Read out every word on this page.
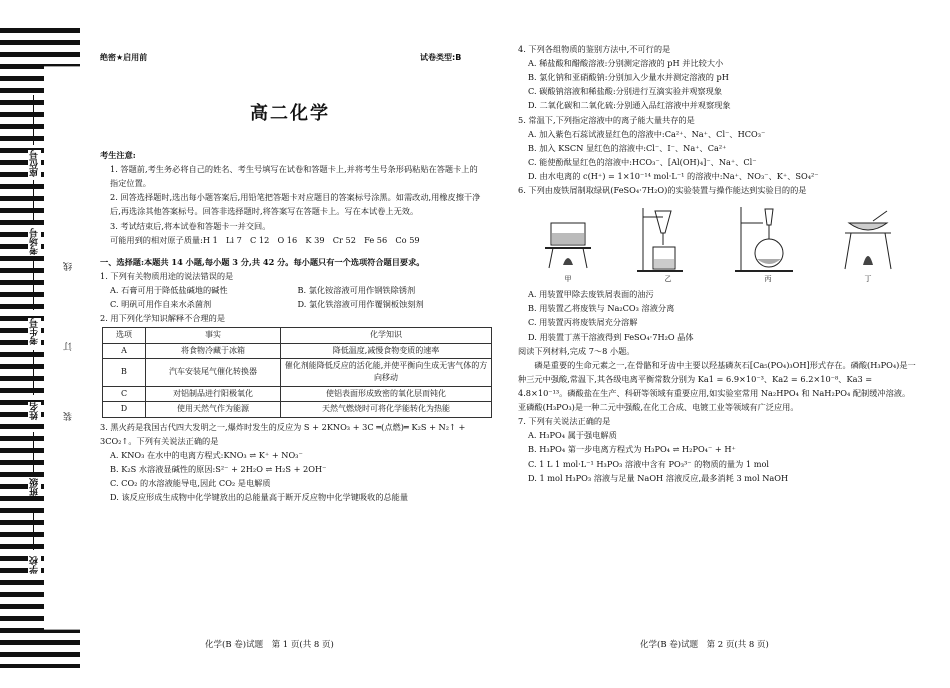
座位号
考场号
考生号
姓名
班级
学校
线
订
装
绝密★启用前	试卷类型:B
高二化学

考生注意:

1. 答题前,考生务必将自己的姓名、考生号填写在试卷和答题卡上,并将考生号条形码粘贴在答题卡上的指定位置。

2. 回答选择题时,选出每小题答案后,用铅笔把答题卡对应题目的答案标号涂黑。如需改动,用橡皮擦干净后,再选涂其他答案标号。回答非选择题时,将答案写在答题卡上。写在本试卷上无效。

3. 考试结束后,将本试卷和答题卡一并交回。

可能用到的相对原子质量:H 1　Li 7　C 12　O 16　K 39　Cr 52　Fe 56　Co 59

一、选择题:本题共 14 小题,每小题 3 分,共 42 分。每小题只有一个选项符合题目要求。

1. 下列有关物质用途的说法错误的是

A. 石膏可用于降低盐碱地的碱性	B. 氯化铵溶液可用作钢铁除锈剂
C. 明矾可用作自来水杀菌剂	D. 氯化铁溶液可用作覆铜板蚀刻剂

2. 用下列化学知识解释不合理的是

选项	事实	化学知识
A	将食物冷藏于冰箱	降低温度,减慢食物变质的速率
B	汽车安装尾气催化转换器	催化剂能降低反应的活化能,并使平衡向生成无害气体的方向移动
C	对铝制品进行阳极氧化	使铝表面形成致密的氧化层而钝化
D	使用天然气作为能源	天然气燃烧时可将化学能转化为热能

3. 黑火药是我国古代四大发明之一,爆炸时发生的反应为 S + 2KNO₃ + 3C ═(点燃)═ K₂S + N₂↑ + 3CO₂↑。下列有关说法正确的是

A. KNO₃ 在水中的电离方程式:KNO₃ ⇌ K⁺ + NO₃⁻

B. K₂S 水溶液显碱性的原因:S²⁻ + 2H₂O ⇌ H₂S + 2OH⁻

C. CO₂ 的水溶液能导电,因此 CO₂ 是电解质

D. 该反应形成生成物中化学键放出的总能量高于断开反应物中化学键吸收的总能量

化学(B 卷)试题　第 1 页(共 8 页)

4. 下列各组物质的鉴别方法中,不可行的是

A. 稀盐酸和醋酸溶液:分别测定溶液的 pH 并比较大小

B. 氯化钠和亚硝酸钠:分别加入少量水并测定溶液的 pH

C. 碳酸钠溶液和稀盐酸:分别进行互滴实验并观察现象

D. 二氧化碳和二氧化硫:分别通入品红溶液中并观察现象

5. 常温下,下列指定溶液中的离子能大量共存的是

A. 加入紫色石蕊试液显红色的溶液中:Ca²⁺、Na⁺、Cl⁻、HCO₃⁻

B. 加入 KSCN 显红色的溶液中:Cl⁻、I⁻、Na⁺、Ca²⁺

C. 能使酚酞显红色的溶液中:HCO₃⁻、[Al(OH)₄]⁻、Na⁺、Cl⁻

D. 由水电离的 c(H⁺) = 1×10⁻¹⁴ mol·L⁻¹ 的溶液中:Na⁺、NO₃⁻、K⁺、SO₄²⁻

6. 下列由废铁屑制取绿矾(FeSO₄·7H₂O)的实验装置与操作能达到实验目的的是

甲	乙	丙	丁

A. 用装置甲除去废铁屑表面的油污

B. 用装置乙将废铁与 Na₂CO₃ 溶液分离

C. 用装置丙将废铁屑充分溶解

D. 用装置丁蒸干溶液得到 FeSO₄·7H₂O 晶体

阅读下列材料,完成 7～8 小题。

磷是重要的生命元素之一,在骨骼和牙齿中主要以羟基磷灰石[Ca₅(PO₄)₃OH]形式存在。磷酸(H₃PO₄)是一种三元中强酸,常温下,其各级电离平衡常数分别为 Ka1 = 6.9×10⁻³、Ka2 = 6.2×10⁻⁸、Ka3 = 4.8×10⁻¹³。磷酸盐在生产、科研等领域有重要应用,如实验室常用 Na₂HPO₄ 和 NaH₂PO₄ 配制缓冲溶液。亚磷酸(H₃PO₃)是一种二元中强酸,在化工合成、电镀工业等领域有广泛应用。

7. 下列有关说法正确的是

A. H₃PO₄ 属于强电解质

B. H₃PO₄ 第一步电离方程式为 H₃PO₄ ⇌ H₂PO₄⁻ + H⁺

C. 1 L 1 mol·L⁻¹ H₃PO₃ 溶液中含有 PO₃³⁻ 的物质的量为 1 mol

D. 1 mol H₃PO₃ 溶液与足量 NaOH 溶液反应,最多消耗 3 mol NaOH

化学(B 卷)试题　第 2 页(共 8 页)
